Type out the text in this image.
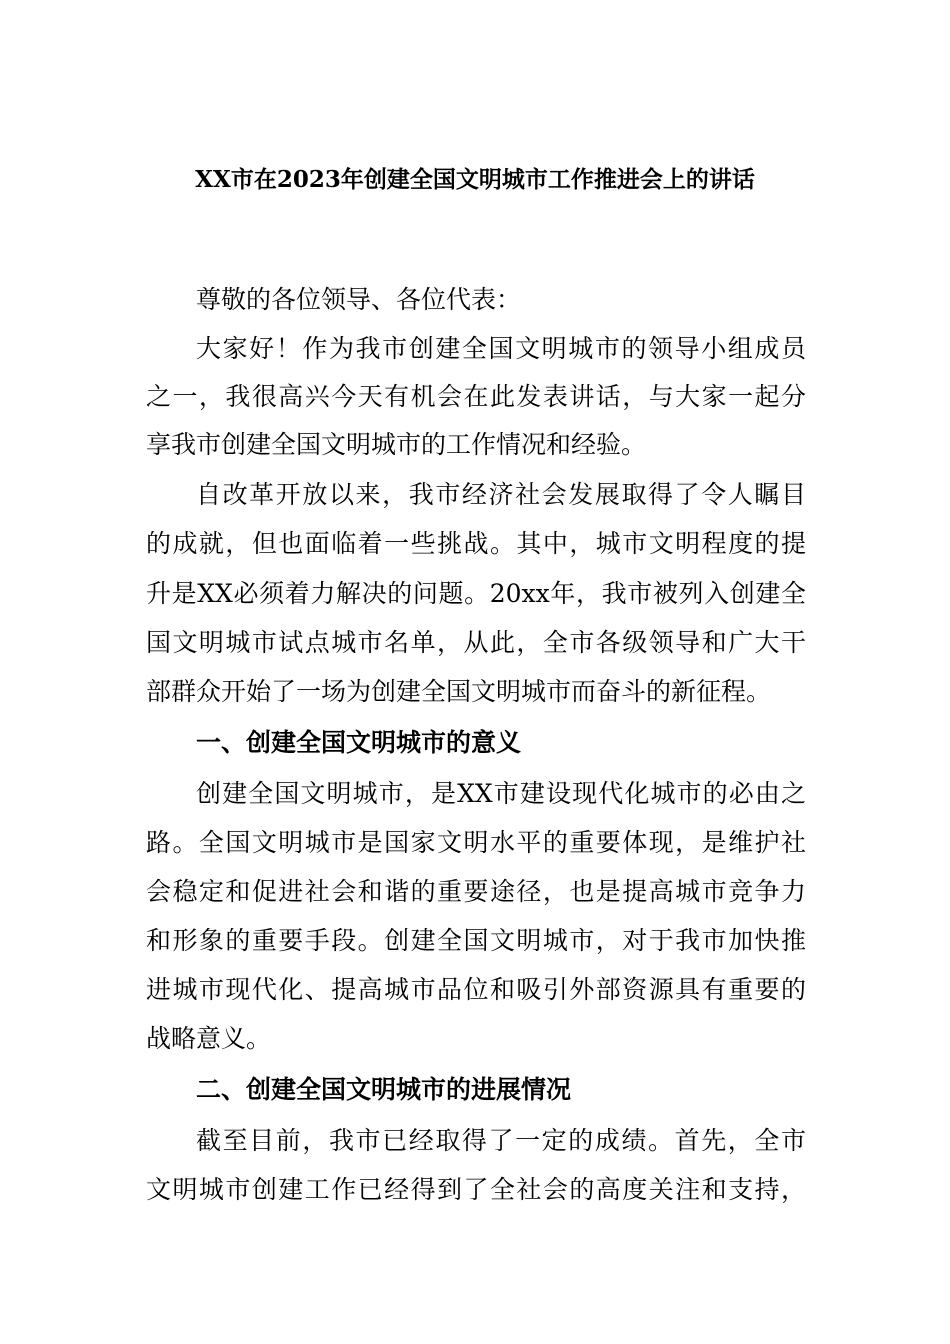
XX市在2023年创建全国文明城市工作推进会上的讲话
尊敬的各位领导、各位代表：
大家好！作为我市创建全国文明城市的领导小组成员
之一，我很高兴今天有机会在此发表讲话，与大家一起分
享我市创建全国文明城市的工作情况和经验。
自改革开放以来，我市经济社会发展取得了令人瞩目
的成就，但也面临着一些挑战。其中，城市文明程度的提
升是XX必须着力解决的问题。20xx年，我市被列入创建全
国文明城市试点城市名单，从此，全市各级领导和广大干
部群众开始了一场为创建全国文明城市而奋斗的新征程。
一、创建全国文明城市的意义
创建全国文明城市，是XX市建设现代化城市的必由之
路。全国文明城市是国家文明水平的重要体现，是维护社
会稳定和促进社会和谐的重要途径，也是提高城市竞争力
和形象的重要手段。创建全国文明城市，对于我市加快推
进城市现代化、提高城市品位和吸引外部资源具有重要的
战略意义。
二、创建全国文明城市的进展情况
截至目前，我市已经取得了一定的成绩。首先，全市
文明城市创建工作已经得到了全社会的高度关注和支持，
